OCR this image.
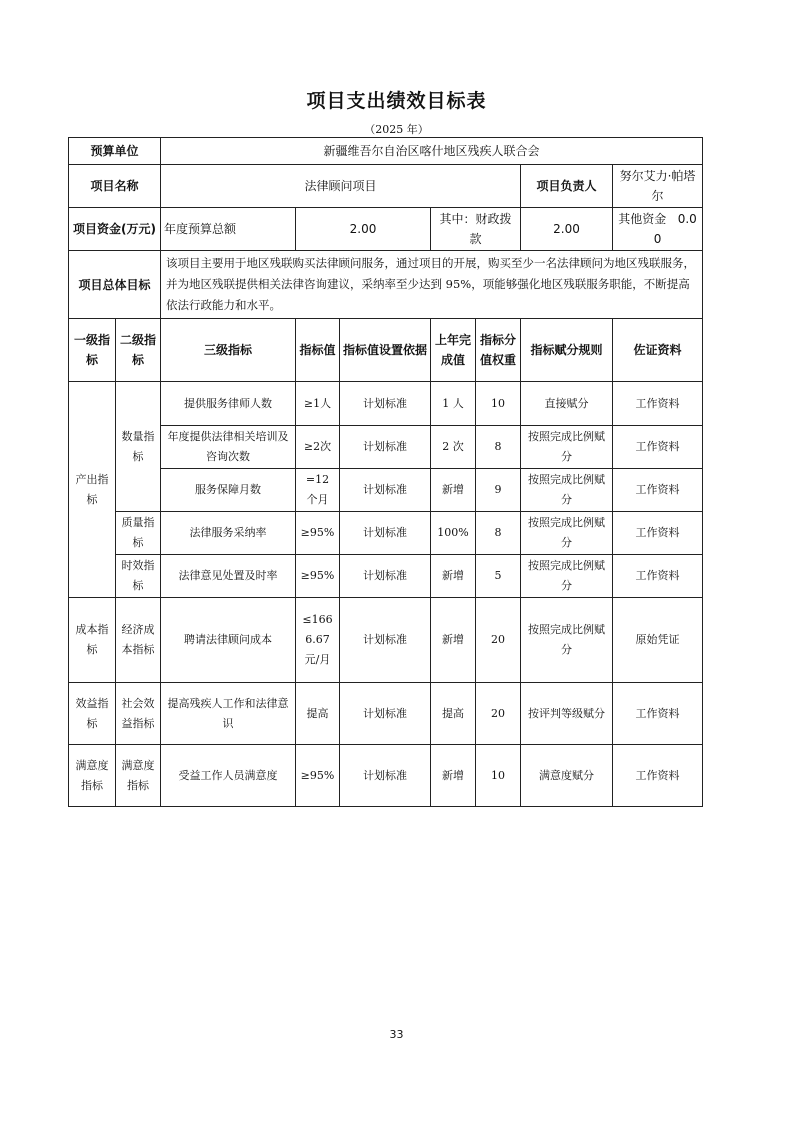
项目支出绩效目标表
（2025 年）
预算单位		新疆维吾尔自治区喀什地区残疾人联合会						
项目名称		法律顾问项目					项目负责人	努尔艾力·帕塔尔
项目资金(万元)		年度预算总额	2.00		其中：财政拨款		2.00	其他资金 0.00
项目总体目标		该项目主要用于地区残联购买法律顾问服务，通过项目的开展，购买至少一名法律顾问为地区残联服务，并为地区残联提供相关法律咨询建议，采纳率至少达到 95%，项能够强化地区残联服务职能，不断提高依法行政能力和水平。						
一级指标	二级指标	三级指标	指标值	指标值设置依据	上年完成值	指标分值权重	指标赋分规则	佐证资料
产出指标	数量指标	提供服务律师人数	≥1人	计划标准	1 人	10	直接赋分	工作资料
		年度提供法律相关培训及咨询次数	≥2次	计划标准	2 次	8	按照完成比例赋分	工作资料
		服务保障月数	=12 个月	计划标准	新增	9	按照完成比例赋分	工作资料
	质量指标	法律服务采纳率	≥95%	计划标准	100%	8	按照完成比例赋分	工作资料
	时效指标	法律意见处置及时率	≥95%	计划标准	新增	5	按照完成比例赋分	工作资料
成本指标	经济成本指标	聘请法律顾问成本	≤1666.67 元/月	计划标准	新增	20	按照完成比例赋分	原始凭证
效益指标	社会效益指标	提高残疾人工作和法律意识	提高	计划标准	提高	20	按评判等级赋分	工作资料
满意度指标	满意度指标	受益工作人员满意度	≥95%	计划标准	新增	10	满意度赋分	工作资料
33
